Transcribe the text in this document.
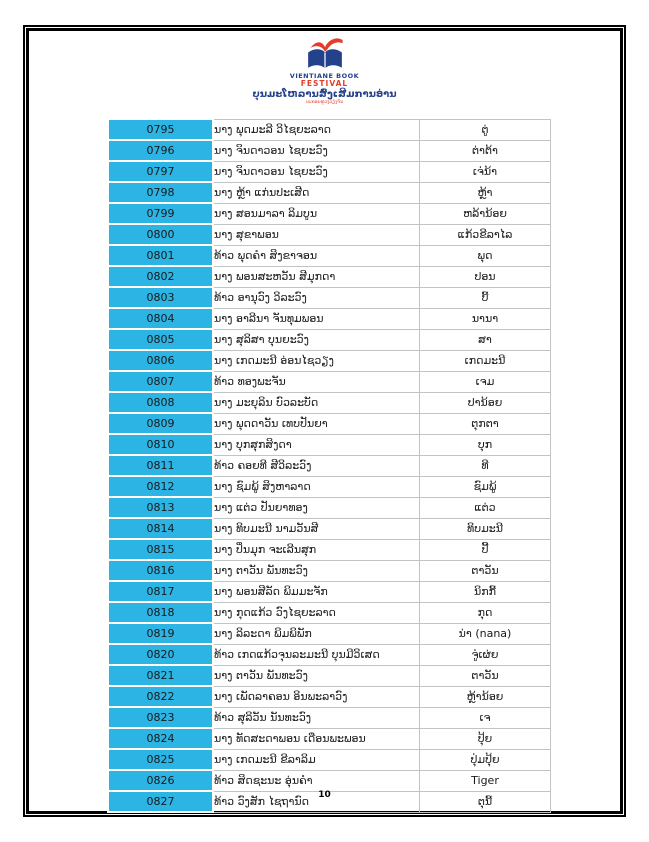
VIENTIANE BOOK
FESTIVAL
ບຸນມະໂຫລານສົ່ງເສີມການອ່ານ
ນະຄອນຫຼວງວຽງຈັນ
0795	ນາງ ພຸດມະລີ ວິໄຊຍະລາດ	ຕູ່
0796	ນາງ ຈິນດາວອນ ໄຊຍະວົງ	ຕ່າຕ້າ
0797	ນາງ ຈິນດາວອນ ໄຊຍະວົງ	ເຈ່ນ້າ
0798	ນາງ ຫຼ້າ ແກ່ນປະເສີດ	ຫຼ້າ
0799	ນາງ ສອນມາລາ ລິມບູນ	ຫລ້ານ້ອຍ
0800	ນາງ ສຸຂາພອນ	ແກ້ວຂີລາໄລ
0801	ທ້າວ ພຸດຄຳ ສິງຂາຈອນ	ພຸດ
0802	ນາງ ພອນສະຫວັນ ສີມຸກດາ	ປອນ
0803	ທ້າວ ອານຸວົງ ວິລະວົງ	ບີ້
0804	ນາງ ອາລີນາ ຈັນທຸມພອນ	ນານາ
0805	ນາງ ສຸລິສາ ບຸນຍະວົງ	ສາ
0806	ນາງ ເກດມະນີ ອ່ອນໄຊວຽງ	ເກດມະນີ
0807	ທ້າວ ທອງພະຈັນ	ເຈມ
0808	ນາງ ມະຍຸລິນ ບົວລະບັດ	ປານ້ອຍ
0809	ນາງ ພຸດດາວັນ ເທບປັນຍາ	ຕຸກຕາ
0810	ນາງ ບຸກສຸກສິງດາ	ບຸກ
0811	ທ້າວ ຄອຍທີ ສີວິລະວົງ	ທີ
0812	ນາງ ຊົມພູ້ ສິງຫາລາດ	ຊົມພູ້
0813	ນາງ ແຕ່ວ ປັນຍາທອງ	ແຕ່ວ
0814	ນາງ ທິບມະນີ ນາມວັນສີ	ທິບມະນີ
0815	ນາງ ປິ່ນມຸກ ຈະເລີນສຸກ	ປີ້
0816	ນາງ ຕາວັນ ພັນທະວົງ	ຕາວັນ
0817	ນາງ ພອນສີລັດ ພິມມະຈັກ	ນິກກີ້
0818	ນາງ ກຸດແກ້ວ ວົງໄຊຍະລາດ	ກຸດ
0819	ນາງ ລິລະດາ ພິມພິພັກ	ນ່າ (nana)
0820	ທ້າວ ເກດແກ້ວຈຸນລະມະນີ ບຸນມີວິເສດ	ຈູ່ເຜ່ຍ
0821	ນາງ ຕາວັນ ພັນທະວົງ	ຕາວັນ
0822	ນາງ ເພັດລາຄອນ ອິນພະລາວົງ	ຫຼ້ານ້ອຍ
0823	ທ້າວ ສຸລິວັນ ນັນທະວົງ	ເຈ
0824	ນາງ ທັດສະດາພອນ ເດືອນພະພອນ	ປຸ້ຍ
0825	ນາງ ເກດມະນີ ຂີລາລິມ	ປຸ່ມປຸ້ຍ
0826	ທ້າວ ສິດຊະນະ ອຸ່ນຄຳ	Tiger
0827	ທ້າວ ວົງສັກ ໄຊຖານົດ	ຕຸນີ້
10
